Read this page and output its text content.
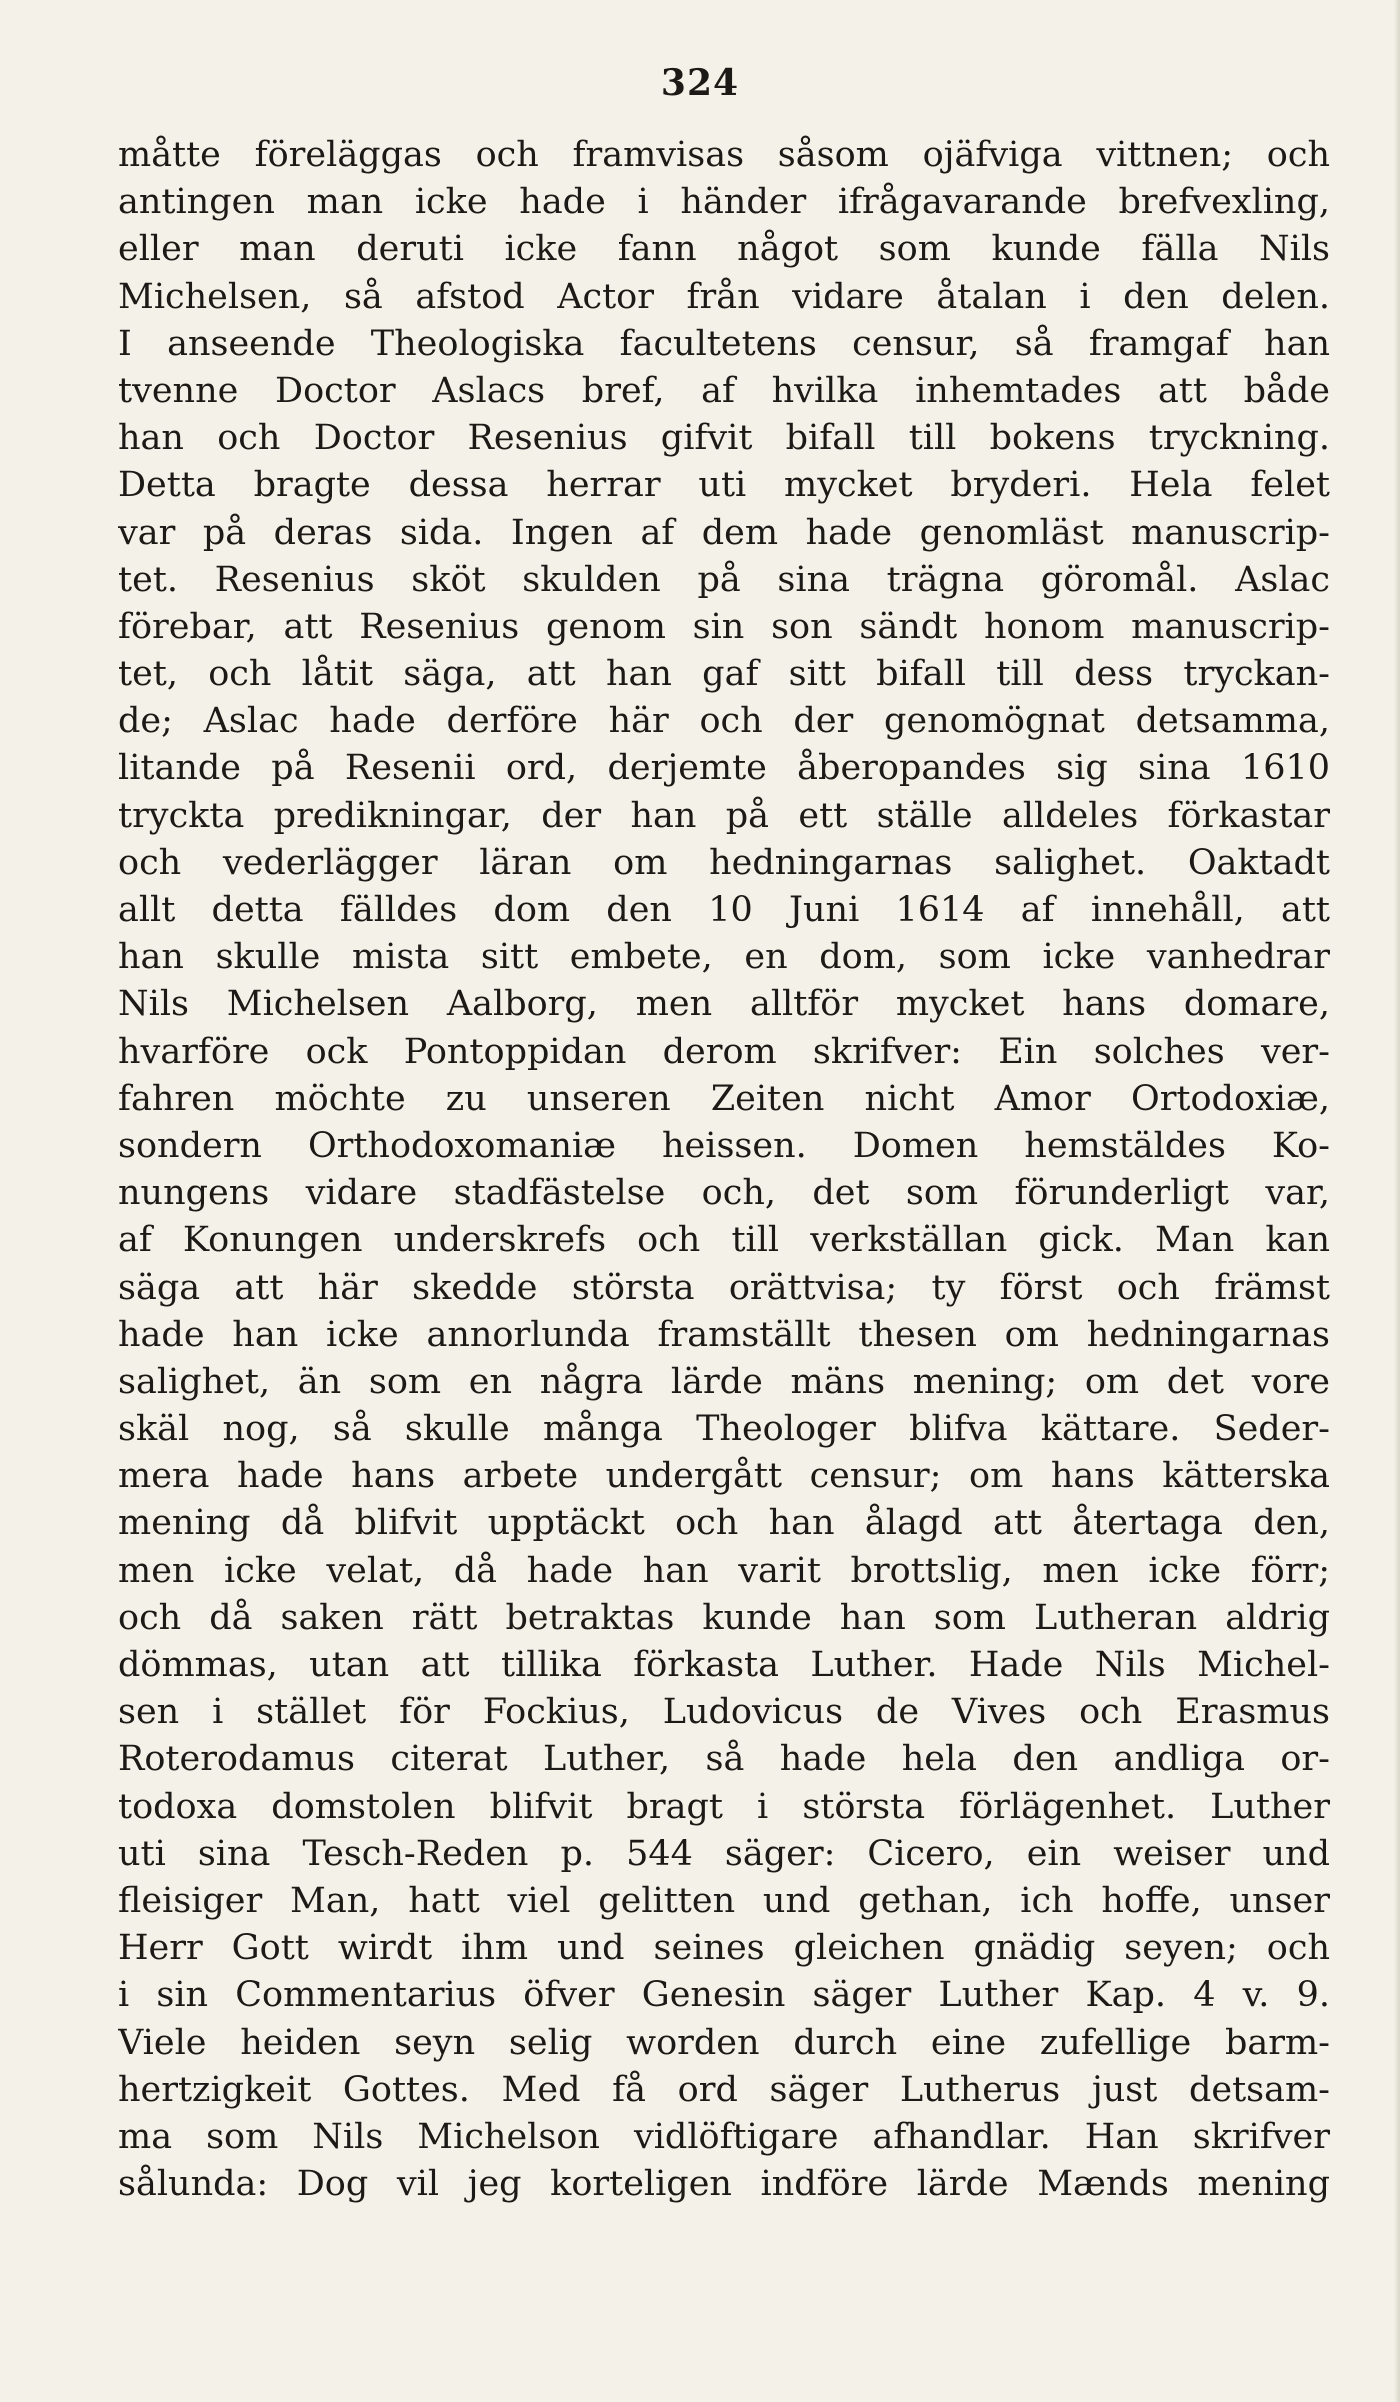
324
måtte föreläggas och framvisas såsom ojäfviga vittnen; och
antingen man icke hade i händer ifrågavarande brefvexling,
eller man deruti icke fann något som kunde fälla Nils
Michelsen, så afstod Actor från vidare åtalan i den delen.
I anseende Theologiska facultetens censur, så framgaf han
tvenne Doctor Aslacs bref, af hvilka inhemtades att både
han och Doctor Resenius gifvit bifall till bokens tryckning.
Detta bragte dessa herrar uti mycket bryderi. Hela felet
var på deras sida. Ingen af dem hade genomläst manuscrip-
tet. Resenius sköt skulden på sina trägna göromål. Aslac
förebar, att Resenius genom sin son sändt honom manuscrip-
tet, och låtit säga, att han gaf sitt bifall till dess tryckan-
de; Aslac hade derföre här och der genomögnat detsamma,
litande på Resenii ord, derjemte åberopandes sig sina 1610
tryckta predikningar, der han på ett ställe alldeles förkastar
och vederlägger läran om hedningarnas salighet. Oaktadt
allt detta fälldes dom den 10 Juni 1614 af innehåll, att
han skulle mista sitt embete, en dom, som icke vanhedrar
Nils Michelsen Aalborg, men alltför mycket hans domare,
hvarföre ock Pontoppidan derom skrifver: Ein solches ver-
fahren möchte zu unseren Zeiten nicht Amor Ortodoxiæ,
sondern Orthodoxomaniæ heissen. Domen hemstäldes Ko-
nungens vidare stadfästelse och, det som förunderligt var,
af Konungen underskrefs och till verkställan gick. Man kan
säga att här skedde största orättvisa; ty först och främst
hade han icke annorlunda framställt thesen om hedningarnas
salighet, än som en några lärde mäns mening; om det vore
skäl nog, så skulle många Theologer blifva kättare. Seder-
mera hade hans arbete undergått censur; om hans kätterska
mening då blifvit upptäckt och han ålagd att återtaga den,
men icke velat, då hade han varit brottslig, men icke förr;
och då saken rätt betraktas kunde han som Lutheran aldrig
dömmas, utan att tillika förkasta Luther. Hade Nils Michel-
sen i stället för Fockius, Ludovicus de Vives och Erasmus
Roterodamus citerat Luther, så hade hela den andliga or-
todoxa domstolen blifvit bragt i största förlägenhet. Luther
uti sina Tesch-Reden p. 544 säger: Cicero, ein weiser und
fleisiger Man, hatt viel gelitten und gethan, ich hoffe, unser
Herr Gott wirdt ihm und seines gleichen gnädig seyen; och
i sin Commentarius öfver Genesin säger Luther Kap. 4 v. 9.
Viele heiden seyn selig worden durch eine zufellige barm-
hertzigkeit Gottes. Med få ord säger Lutherus just detsam-
ma som Nils Michelson vidlöftigare afhandlar. Han skrifver
sålunda: Dog vil jeg korteligen indföre lärde Mænds mening
